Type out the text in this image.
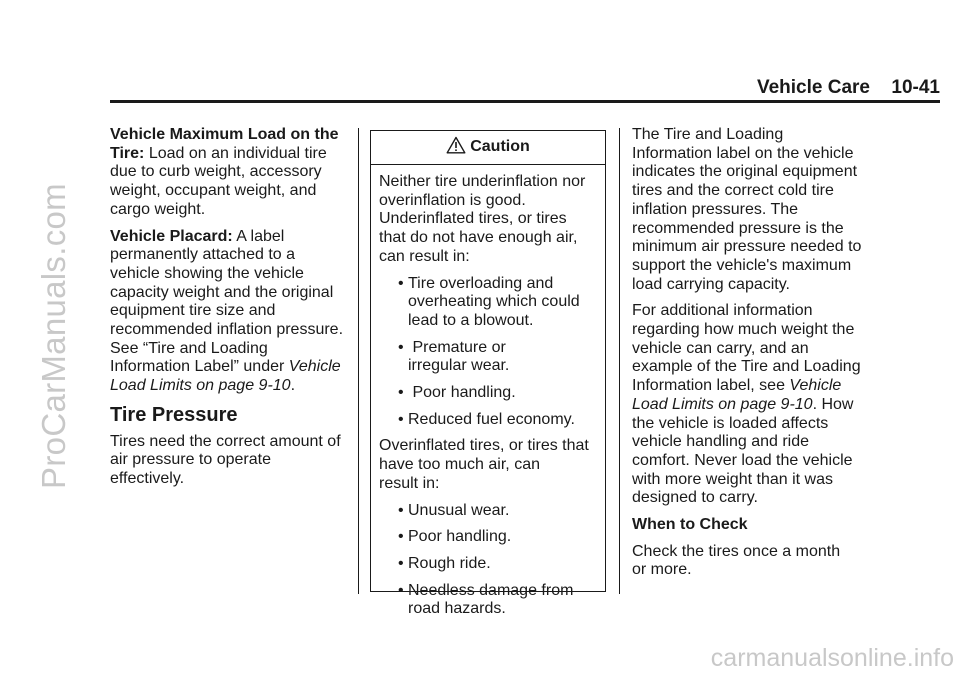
ProCarManuals.com
carmanualsonline.info
Vehicle Care 10-41

Vehicle Maximum Load on the
Tire: Load on an individual tire
due to curb weight, accessory
weight, occupant weight, and
cargo weight.

Vehicle Placard: A label
permanently attached to a
vehicle showing the vehicle
capacity weight and the original
equipment tire size and
recommended inflation pressure.
See “Tire and Loading
Information Label” under Vehicle
Load Limits on page 9-10.

Tire Pressure

Tires need the correct amount of
air pressure to operate
effectively.

Caution

Neither tire underinflation nor
overinflation is good.
Underinflated tires, or tires
that do not have enough air,
can result in:

• Tire overloading and
overheating which could
lead to a blowout.
•  Premature or
irregular wear.
•  Poor handling.
• Reduced fuel economy.

Overinflated tires, or tires that
have too much air, can
result in:

• Unusual wear.
• Poor handling.
• Rough ride.
• Needless damage from
road hazards.

The Tire and Loading
Information label on the vehicle
indicates the original equipment
tires and the correct cold tire
inflation pressures. The
recommended pressure is the
minimum air pressure needed to
support the vehicle's maximum
load carrying capacity.

For additional information
regarding how much weight the
vehicle can carry, and an
example of the Tire and Loading
Information label, see Vehicle
Load Limits on page 9-10. How
the vehicle is loaded affects
vehicle handling and ride
comfort. Never load the vehicle
with more weight than it was
designed to carry.

When to Check

Check the tires once a month
or more.
